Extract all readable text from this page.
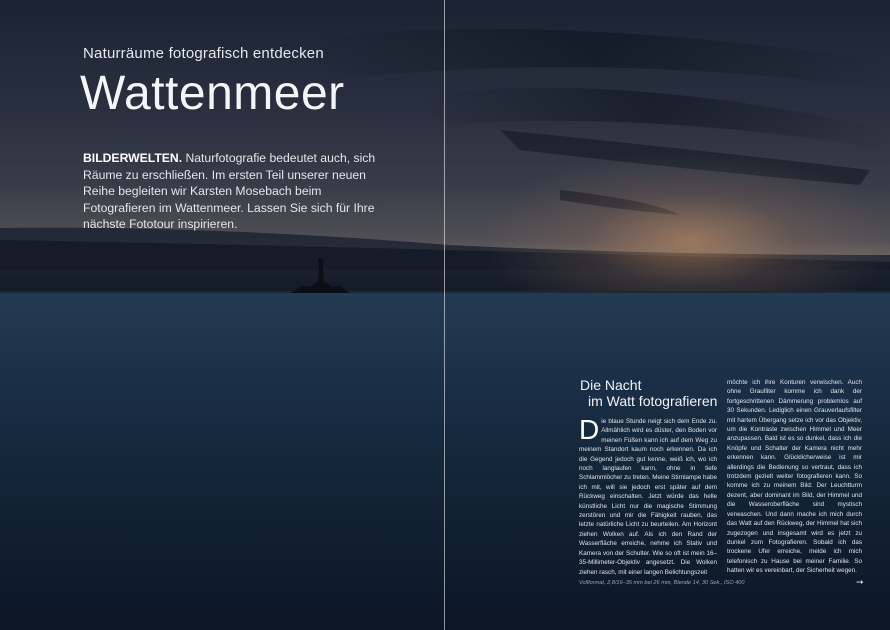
Naturräume fotografisch entdecken
Wattenmeer
BILDERWELTEN. Naturfotografie bedeutet auch, sich Räume zu erschließen. Im ersten Teil unserer neuen Reihe begleiten wir Karsten Mosebach beim Fotografieren im Wattenmeer. Lassen Sie sich für Ihre nächste Fototour inspirieren.
Die Nacht
im Watt fotografieren
Die blaue Stunde neigt sich dem Ende zu. Allmählich wird es düster, den Boden vor meinen Füßen kann ich auf dem Weg zu meinem Standort kaum noch erkennen. Da ich die Gegend jedoch gut kenne, weiß ich, wo ich noch langlaufen kann, ohne in tiefe Schlammlöcher zu treten. Meine Stirnlampe habe ich mit, will sie jedoch erst später auf dem Rückweg einschalten. Jetzt würde das helle künstliche Licht nur die magische Stimmung zerstören und mir die Fähigkeit rauben, das letzte natürliche Licht zu beurteilen. Am Horizont ziehen Wolken auf. Als ich den Rand der Wasserfläche erreiche, nehme ich Stativ und Kamera von der Schulter. Wie so oft ist mein 16–35-Millimeter-Objektiv angesetzt. Die Wolken ziehen rasch, mit einer langen Belichtungszeit
möchte ich ihre Konturen verwischen. Auch ohne Graufilter komme ich dank der fortgeschrittenen Dämmerung problemlos auf 30 Sekunden. Lediglich einen Grauverlaufsfilter mit hartem Übergang setze ich vor das Objektiv, um die Kontraste zwischen Himmel und Meer anzupassen. Bald ist es so dunkel, dass ich die Knöpfe und Schalter der Kamera nicht mehr erkennen kann. Glücklicherweise ist mir allerdings die Bedienung so vertraut, dass ich trotzdem gezielt weiter fotografieren kann. So komme ich zu meinem Bild: Der Leuchtturm dezent, aber dominant im Bild, der Himmel und die Wasseroberfläche sind mystisch verwaschen. Und dann mache ich mich durch das Watt auf den Rückweg, der Himmel hat sich zugezogen und insgesamt wird es jetzt zu dunkel zum Fotografieren. Sobald ich das trockene Ufer erreiche, melde ich mich telefonisch zu Hause bei meiner Familie. So hatten wir es vereinbart, der Sicherheit wegen.
Vollformat, 2,8/16–35 mm bei 26 mm, Blende 14, 30 Sek., ISO 400	➞
